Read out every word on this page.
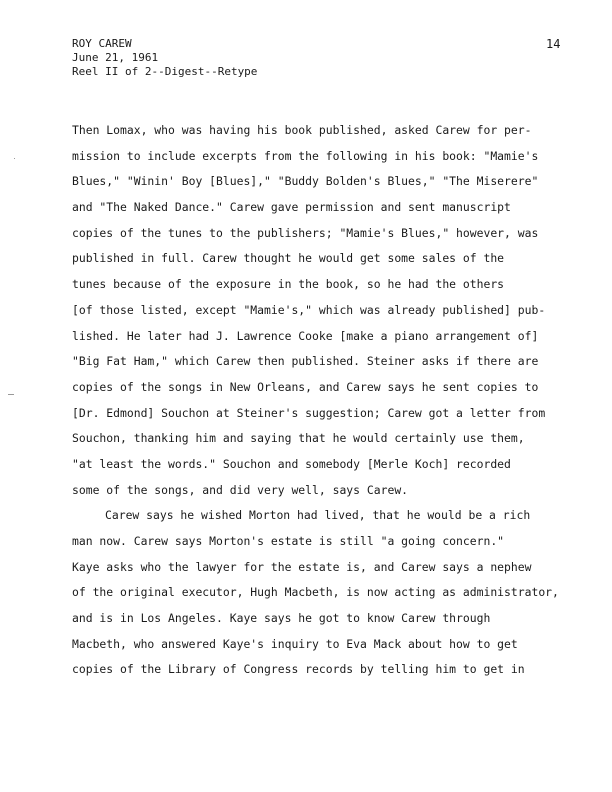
ROY CAREW
June 21, 1961
Reel II of 2--Digest--Retype
14
Then Lomax, who was having his book published, asked Carew for per-
mission to include excerpts from the following in his book: "Mamie's
Blues," "Winin' Boy [Blues]," "Buddy Bolden's Blues," "The Miserere"
and "The Naked Dance." Carew gave permission and sent manuscript
copies of the tunes to the publishers; "Mamie's Blues," however, was
published in full. Carew thought he would get some sales of the
tunes because of the exposure in the book, so he had the others
[of those listed, except "Mamie's," which was already published] pub-
lished. He later had J. Lawrence Cooke [make a piano arrangement of]
"Big Fat Ham," which Carew then published. Steiner asks if there are
copies of the songs in New Orleans, and Carew says he sent copies to
[Dr. Edmond] Souchon at Steiner's suggestion; Carew got a letter from
Souchon, thanking him and saying that he would certainly use them,
"at least the words." Souchon and somebody [Merle Koch] recorded
some of the songs, and did very well, says Carew.
Carew says he wished Morton had lived, that he would be a rich
man now. Carew says Morton's estate is still "a going concern."
Kaye asks who the lawyer for the estate is, and Carew says a nephew
of the original executor, Hugh Macbeth, is now acting as administrator,
and is in Los Angeles. Kaye says he got to know Carew through
Macbeth, who answered Kaye's inquiry to Eva Mack about how to get
copies of the Library of Congress records by telling him to get in
